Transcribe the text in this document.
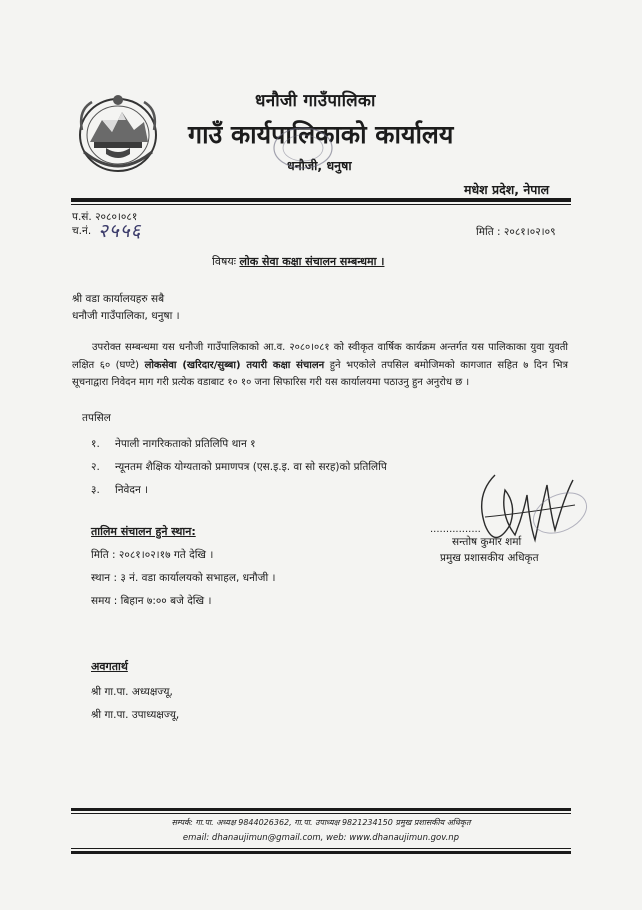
धनौजी गाउँपालिका
गाउँ कार्यपालिकाको कार्यालय
धनौजी, धनुषा
मधेश प्रदेश, नेपाल
प.सं. २०८०।०८१
च.नं. २५५६	मिति : २०८१।०२।०९
विषयः लोक सेवा कक्षा संचालन सम्बन्धमा ।
श्री वडा कार्यालयहरु सबै
धनौजी गाउँपालिका, धनुषा ।
उपरोक्त सम्बन्धमा यस धनौजी गाउँपालिकाको आ.व. २०८०।०८१ को स्वीकृत वार्षिक कार्यक्रम अन्तर्गत यस पालिकाका युवा युवती लक्षित ६० (घण्टे) लोकसेवा (खरिदार/सुब्बा) तयारी कक्षा संचालन हुने भएकोले तपसिल बमोजिमको कागजात सहित ७ दिन भित्र सूचनाद्वारा निवेदन माग गरी प्रत्येक वडाबाट १० १० जना सिफारिस गरी यस कार्यालयमा पठाउनु हुन अनुरोध छ ।
तपसिल
१. नेपाली नागरिकताको प्रतिलिपि थान १
२. न्यूनतम शैक्षिक योग्यताको प्रमाणपत्र (एस.इ.इ. वा सो सरह)को प्रतिलिपि
३. निवेदन ।
................
सन्तोष कुमार शर्मा
प्रमुख प्रशासकीय अधिकृत
तालिम संचालन हुने स्थान:
मिति : २०८१।०२।१७ गते देखि ।
स्थान : ३ नं. वडा कार्यालयको सभाहल, धनौजी ।
समय : बिहान ७:०० बजे देखि ।
अवगतार्थ
श्री गा.पा. अध्यक्षज्यू,
श्री गा.पा. उपाध्यक्षज्यू,
सम्पर्क: गा.पा. अध्यक्ष 9844026362, गा.पा. उपाध्यक्ष 9821234150 प्रमुख प्रशासकीय अधिकृत
email: dhanaujimun@gmail.com, web: www.dhanaujimun.gov.np
